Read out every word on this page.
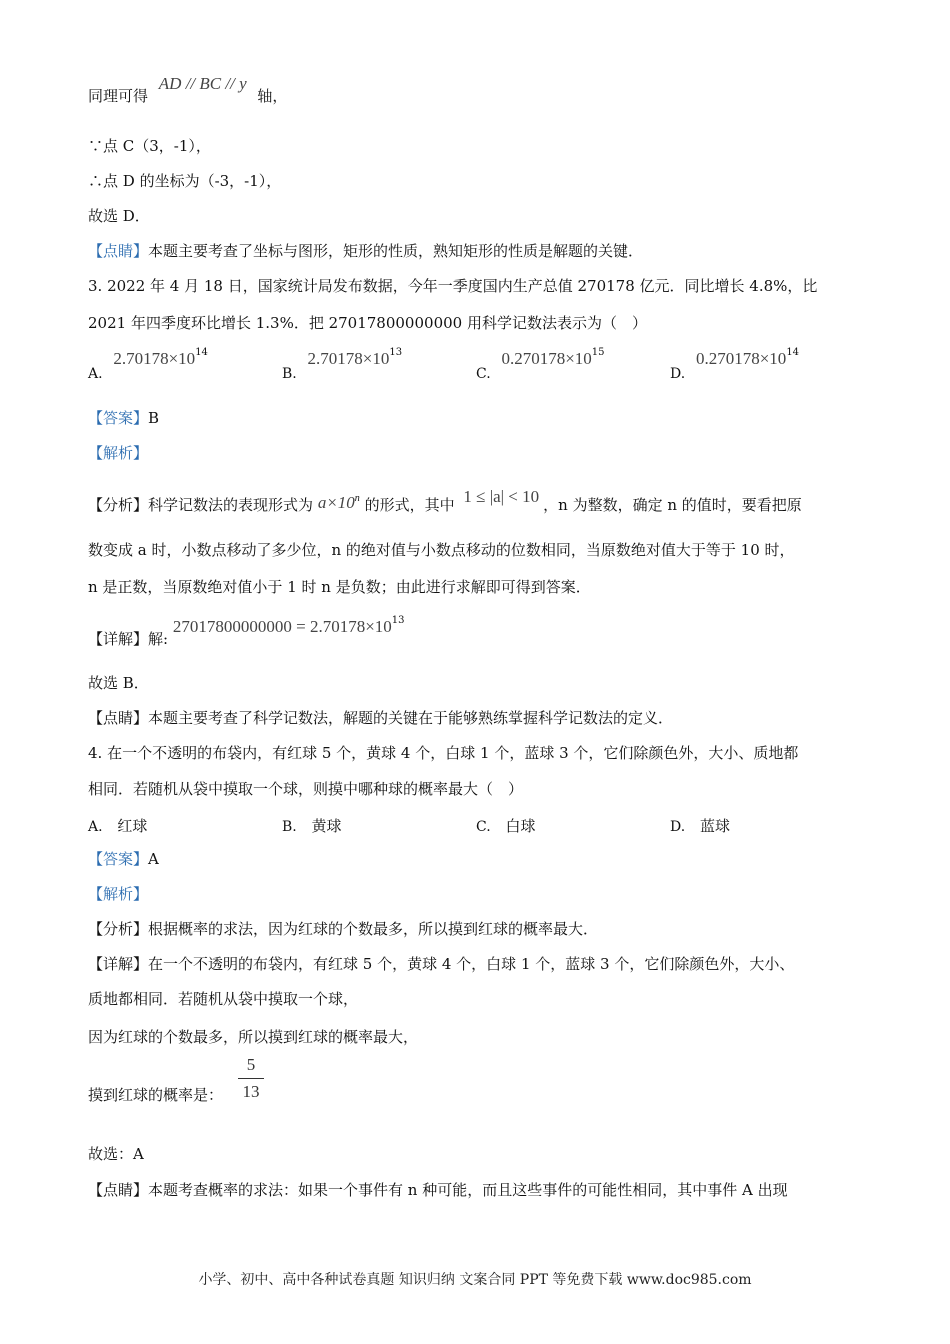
同理可得 AD // BC // y 轴，
∵点 C（3，-1），
∴点 D 的坐标为（-3，-1），
故选 D．
【点睛】本题主要考查了坐标与图形，矩形的性质，熟知矩形的性质是解题的关键．
3. 2022 年 4 月 18 日，国家统计局发布数据，今年一季度国内生产总值 270178 亿元．同比增长 4.8%，比
2021 年四季度环比增长 1.3%．把 27017800000000 用科学记数法表示为（　）
A. $2.70178\times 10^{14}$
B. $2.70178\times 10^{13}$
C. $0.270178\times 10^{15}$
D. $0.270178\times 10^{14}$
【答案】B
【解析】
【分析】科学记数法的表现形式为 $a\times 10^n$ 的形式，其中 1 ≤ |a| < 10 ，n 为整数，确定 n 的值时，要看把原
数变成 a 时，小数点移动了多少位，n 的绝对值与小数点移动的位数相同，当原数绝对值大于等于 10 时，
n 是正数，当原数绝对值小于 1 时 n 是负数；由此进行求解即可得到答案．
【详解】解: $27017800000000 = 2.70178\times 10^{13}$
故选 B．
【点睛】本题主要考查了科学记数法，解题的关键在于能够熟练掌握科学记数法的定义．
4. 在一个不透明的布袋内，有红球 5 个，黄球 4 个，白球 1 个，蓝球 3 个，它们除颜色外，大小、质地都
相同．若随机从袋中摸取一个球，则摸中哪种球的概率最大（　）
A. 红球	B. 黄球	C. 白球	D. 蓝球
【答案】A
【解析】
【分析】根据概率的求法，因为红球的个数最多，所以摸到红球的概率最大．
【详解】在一个不透明的布袋内，有红球 5 个，黄球 4 个，白球 1 个，蓝球 3 个，它们除颜色外，大小、
质地都相同．若随机从袋中摸取一个球，
因为红球的个数最多，所以摸到红球的概率最大，
摸到红球的概率是：
5
13
故选：A
【点睛】本题考查概率的求法：如果一个事件有 n 种可能，而且这些事件的可能性相同，其中事件 A 出现
小学、初中、高中各种试卷真题 知识归纳 文案合同 PPT 等免费下载 www.doc985.com
